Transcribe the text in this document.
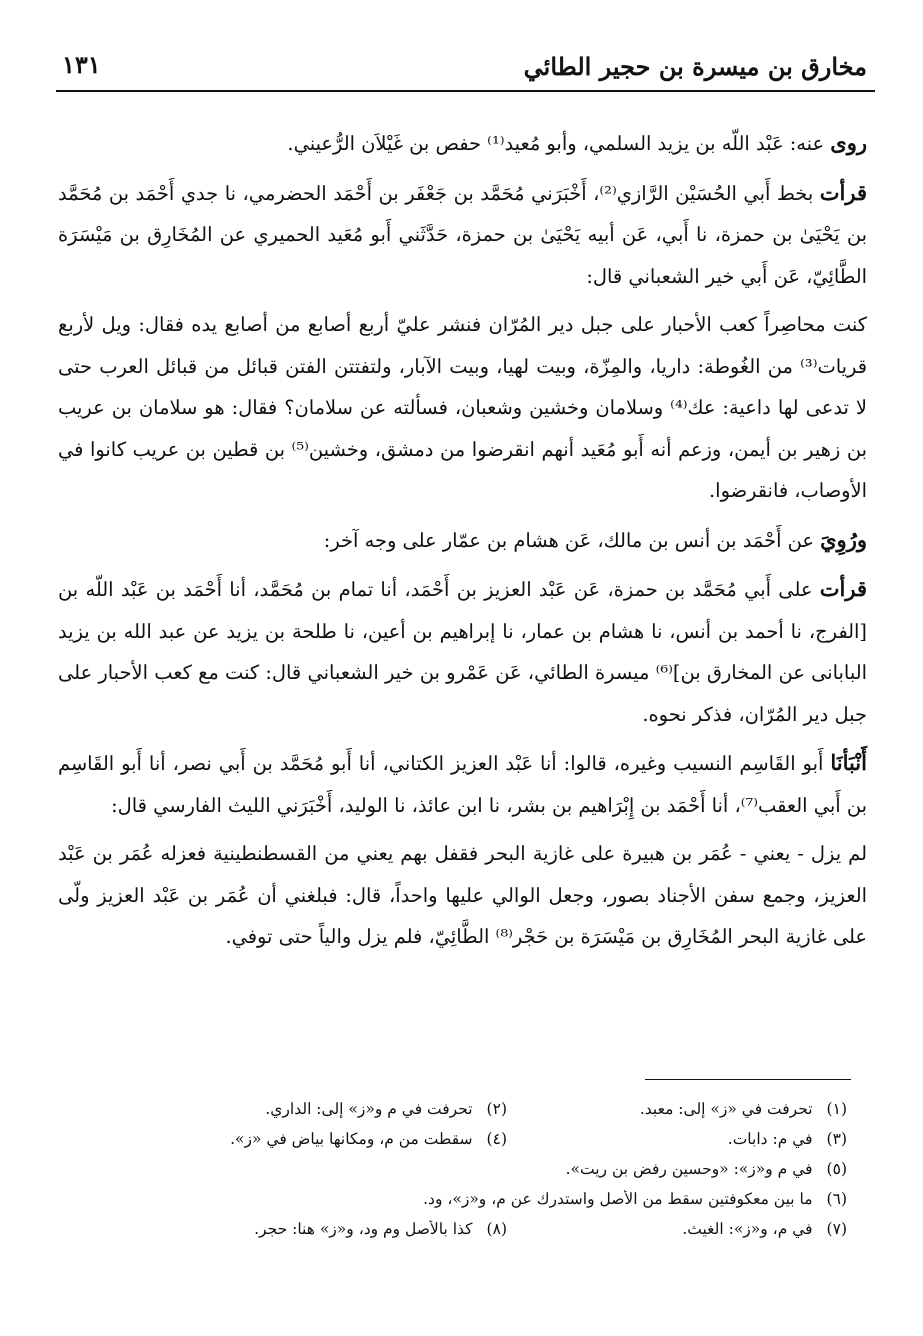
مخارق بن ميسرة بن حجير الطائي
١٣١

روى عنه: عَبْد اللّه بن يزيد السلمي، وأبو مُعيد⁽¹⁾ حفص بن غَيْلاَن الرُّعيني.

قرأت بخط أَبي الحُسَيْن الرَّازي⁽²⁾، أَخْبَرَني مُحَمَّد بن جَعْفَر بن أَحْمَد الحضرمي، نا جدي أَحْمَد بن مُحَمَّد بن يَحْيَىٰ بن حمزة، نا أَبي، عَن أبيه يَحْيَىٰ بن حمزة، حَدَّثَني أَبو مُعَيد الحميري عن المُخَارِق بن مَيْسَرَة الطَّائِيّ، عَن أَبي خير الشعباني قال:

كنت محاصِراً كعب الأحبار على جبل دير المُرّان فنشر عليّ أربع أصابع من أصابع يده فقال: ويل لأربع قريات⁽³⁾ من الغُوطة: داريا، والمِزّة، وبيت لهيا، وبيت الآبار، ولتفتتن الفتن قبائل من قبائل العرب حتى لا تدعى لها داعية: عك⁽⁴⁾ وسلامان وخشين وشعبان، فسألته عن سلامان؟ فقال: هو سلامان بن عريب بن زهير بن أيمن، وزعم أنه أَبو مُعَيد أنهم انقرضوا من دمشق، وخشين⁽⁵⁾ بن قطين بن عريب كانوا في الأوصاب، فانقرضوا.

ورُوِيَ عن أَحْمَد بن أنس بن مالك، عَن هشام بن عمّار على وجه آخر:

قرأت على أَبي مُحَمَّد بن حمزة، عَن عَبْد العزيز بن أَحْمَد، أنا تمام بن مُحَمَّد، أنا أَحْمَد بن عَبْد اللّه بن [الفرج، نا أحمد بن أنس، نا هشام بن عمار، نا إبراهيم بن أعين، نا طلحة بن يزيد عن عبد الله بن يزيد البابانى عن المخارق بن]⁽⁶⁾ ميسرة الطائي، عَن عَمْرو بن خير الشعباني قال: كنت مع كعب الأحبار على جبل دير المُرّان، فذكر نحوه.

أَنْبَأنَا أَبو القَاسِم النسيب وغيره، قالوا: أنا عَبْد العزيز الكتاني، أنا أَبو مُحَمَّد بن أَبي نصر، أنا أَبو القَاسِم بن أَبي العقب⁽⁷⁾، أنا أَحْمَد بن إِبْرَاهيم بن بشر، نا ابن عائذ، نا الوليد، أَخْبَرَني الليث الفارسي قال:

لم يزل - يعني - عُمَر بن هبيرة على غازية البحر فقفل بهم يعني من القسطنطينية فعزله عُمَر بن عَبْد العزيز، وجمع سفن الأجناد بصور، وجعل الوالي عليها واحداً، قال: فبلغني أن عُمَر بن عَبْد العزيز ولّى على غازية البحر المُخَارِق بن مَيْسَرَة بن حَجْر⁽⁸⁾ الطَّائِيّ، فلم يزل والياً حتى توفي.

(١)تحرفت في «ز» إلى: معبد.
(٢)تحرفت في م و«ز» إلى: الداري.
(٣)في م: دابات.
(٤)سقطت من م، ومكانها بياض في «ز».
(٥)في م و«ز»: «وحسين رفض بن ريت».
(٦)ما بين معكوفتين سقط من الأصل واستدرك عن م، و«ز»، ود.
(٧)في م، و«ز»: الغيث.
(٨)كذا بالأصل وم ود، و«ز» هنا: حجر.
